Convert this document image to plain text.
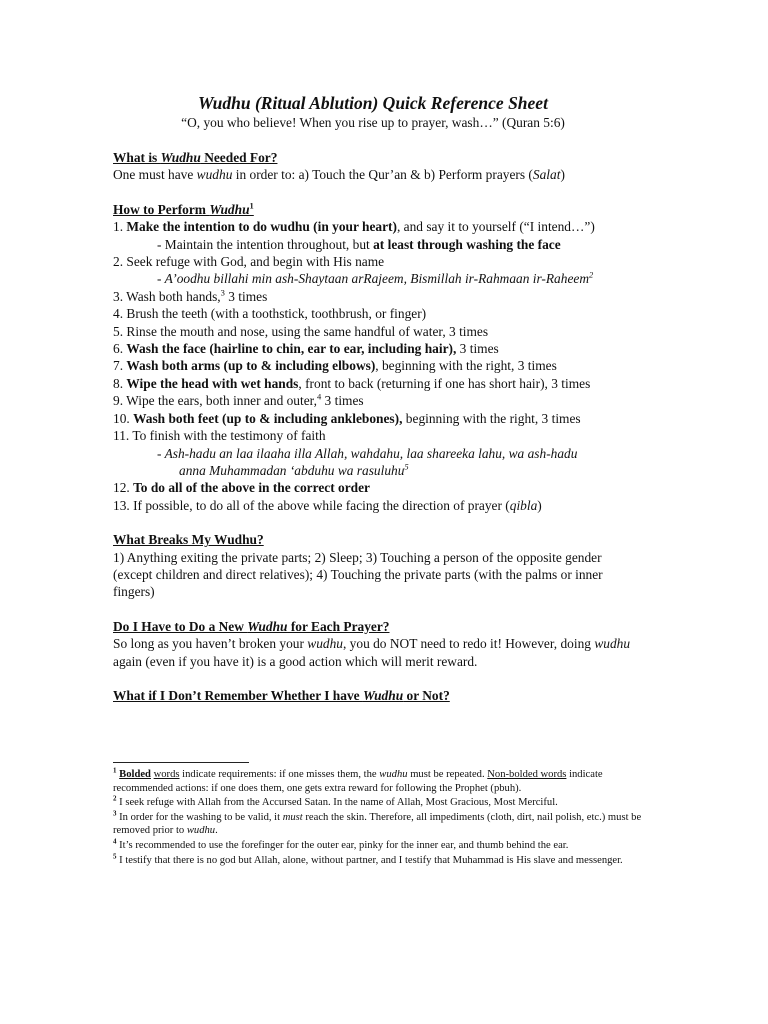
Wudhu (Ritual Ablution) Quick Reference Sheet

“O, you who believe! When you rise up to prayer, wash…” (Quran 5:6)

What is Wudhu Needed For?

One must have wudhu in order to: a) Touch the Qur’an & b) Perform prayers (Salat)

How to Perform Wudhu$^1$

1. Make the intention to do wudhu (in your heart), and say it to yourself (“I intend…”)

- Maintain the intention throughout, but at least through washing the face

2. Seek refuge with God, and begin with His name

- A’oodhu billahi min ash-Shaytaan arRajeem, Bismillah ir-Rahmaan ir-Raheem$^2$

3. Wash both hands,$^3$ 3 times

4. Brush the teeth (with a toothstick, toothbrush, or finger)

5. Rinse the mouth and nose, using the same handful of water, 3 times

6. Wash the face (hairline to chin, ear to ear, including hair), 3 times

7. Wash both arms (up to & including elbows), beginning with the right, 3 times

8. Wipe the head with wet hands, front to back (returning if one has short hair), 3 times

9. Wipe the ears, both inner and outer,$^4$ 3 times

10. Wash both feet (up to & including anklebones), beginning with the right, 3 times

11. To finish with the testimony of faith

- Ash-hadu an laa ilaaha illa Allah, wahdahu, laa shareeka lahu, wa ash-hadu

anna Muhammadan ‘abduhu wa rasuluhu$^5$

12. To do all of the above in the correct order

13. If possible, to do all of the above while facing the direction of prayer (qibla)

What Breaks My Wudhu?

1) Anything exiting the private parts; 2) Sleep; 3) Touching a person of the opposite gender (except children and direct relatives); 4) Touching the private parts (with the palms or inner fingers)

Do I Have to Do a New Wudhu for Each Prayer?

So long as you haven’t broken your wudhu, you do NOT need to redo it! However, doing wudhu again (even if you have it) is a good action which will merit reward.

What if I Don’t Remember Whether I have Wudhu or Not?

$^1$ Bolded words indicate requirements: if one misses them, the wudhu must be repeated. Non-bolded words indicate recommended actions: if one does them, one gets extra reward for following the Prophet (pbuh).

$^2$ I seek refuge with Allah from the Accursed Satan. In the name of Allah, Most Gracious, Most Merciful.

$^3$ In order for the washing to be valid, it must reach the skin. Therefore, all impediments (cloth, dirt, nail polish, etc.) must be removed prior to wudhu.

$^4$ It’s recommended to use the forefinger for the outer ear, pinky for the inner ear, and thumb behind the ear.

$^5$ I testify that there is no god but Allah, alone, without partner, and I testify that Muhammad is His slave and messenger.
